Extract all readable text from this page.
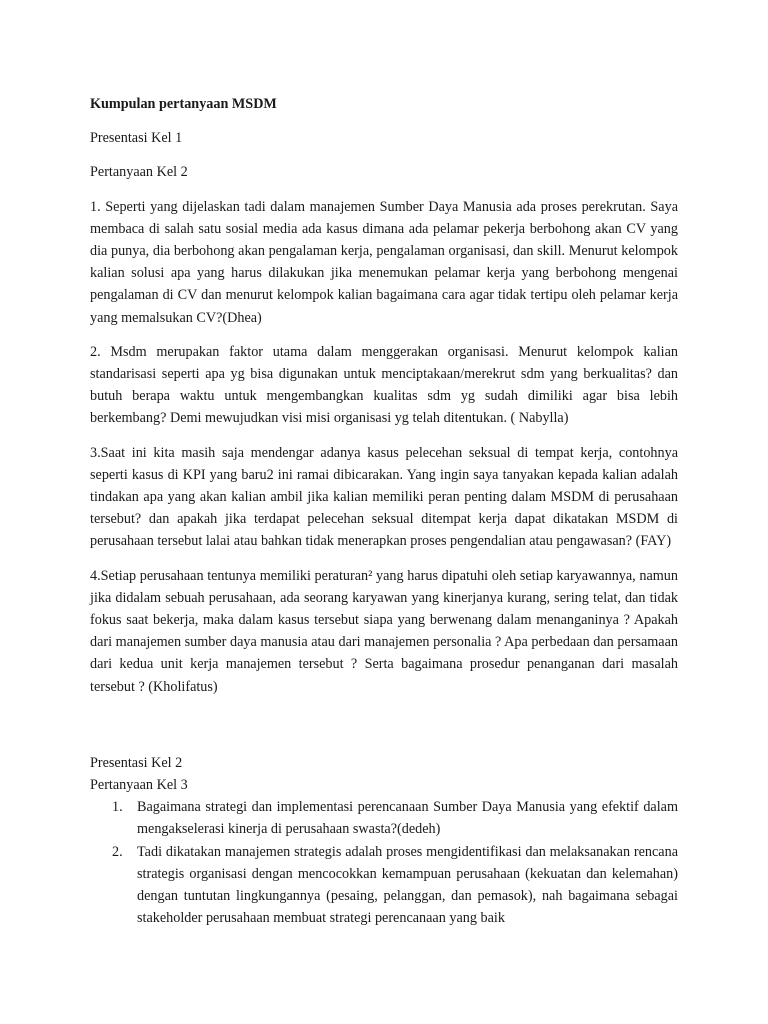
Kumpulan pertanyaan MSDM
Presentasi Kel 1
Pertanyaan Kel 2

1. Seperti yang dijelaskan tadi dalam manajemen Sumber Daya Manusia ada proses perekrutan. Saya membaca di salah satu sosial media ada kasus dimana ada pelamar pekerja berbohong akan CV yang dia punya, dia berbohong akan pengalaman kerja, pengalaman organisasi, dan skill. Menurut kelompok kalian solusi apa yang harus dilakukan jika menemukan pelamar kerja yang berbohong mengenai pengalaman di CV dan menurut kelompok kalian bagaimana cara agar tidak tertipu oleh pelamar kerja yang memalsukan CV?(Dhea)

2. Msdm merupakan faktor utama dalam menggerakan organisasi. Menurut kelompok kalian standarisasi seperti apa yg bisa digunakan untuk menciptakaan/merekrut sdm yang berkualitas? dan butuh berapa waktu untuk mengembangkan kualitas sdm yg sudah dimiliki agar bisa lebih berkembang? Demi mewujudkan visi misi organisasi yg telah ditentukan. ( Nabylla)

3.Saat ini kita masih saja mendengar adanya kasus pelecehan seksual di tempat kerja, contohnya seperti kasus di KPI yang baru2 ini ramai dibicarakan. Yang ingin saya tanyakan kepada kalian adalah tindakan apa yang akan kalian ambil jika kalian memiliki peran penting dalam MSDM di perusahaan tersebut? dan apakah jika terdapat pelecehan seksual ditempat kerja dapat dikatakan MSDM di perusahaan tersebut lalai atau bahkan tidak menerapkan proses pengendalian atau pengawasan? (FAY)

4.Setiap perusahaan tentunya memiliki peraturan² yang harus dipatuhi oleh setiap karyawannya, namun jika didalam sebuah perusahaan, ada seorang karyawan yang kinerjanya kurang, sering telat, dan tidak fokus saat bekerja, maka dalam kasus tersebut siapa yang berwenang dalam menanganinya ? Apakah dari manajemen sumber daya manusia atau dari manajemen personalia ? Apa perbedaan dan persamaan dari kedua unit kerja manajemen tersebut ? Serta bagaimana prosedur penanganan dari masalah tersebut ? (Kholifatus)

Presentasi Kel 2
Pertanyaan Kel 3
1. Bagaimana strategi dan implementasi perencanaan Sumber Daya Manusia yang efektif dalam mengakselerasi kinerja di perusahaan swasta?(dedeh)
2. Tadi dikatakan manajemen strategis adalah proses mengidentifikasi dan melaksanakan rencana strategis organisasi dengan mencocokkan kemampuan perusahaan (kekuatan dan kelemahan) dengan tuntutan lingkungannya (pesaing, pelanggan, dan pemasok), nah bagaimana sebagai stakeholder perusahaan membuat strategi perencanaan yang baik
